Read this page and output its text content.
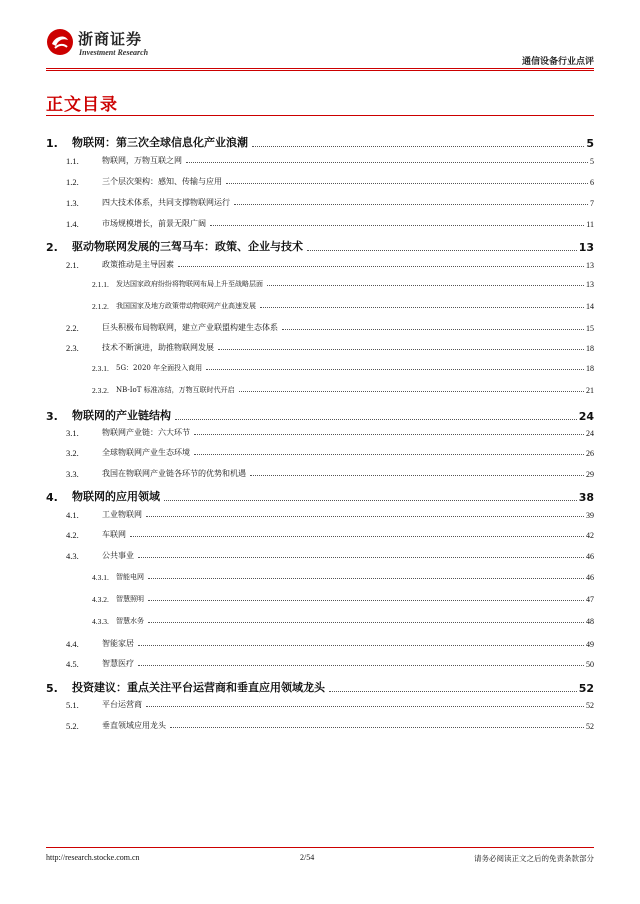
浙商证券
Investment Research
通信设备行业点评
正文目录
1.	物联网：第三次全球信息化产业浪潮	5
1.1.	物联网，万物互联之网	5
1.2.	三个层次架构：感知、传输与应用	6
1.3.	四大技术体系，共同支撑物联网运行	7
1.4.	市场规模增长，前景无限广阔	11
2.	驱动物联网发展的三驾马车：政策、企业与技术	13
2.1.	政策推动是主导因素	13
2.1.1.	发达国家政府纷纷将物联网布局上升至战略层面	13
2.1.2.	我国国家及地方政策带动物联网产业高速发展	14
2.2.	巨头积极布局物联网，建立产业联盟构建生态体系	15
2.3.	技术不断演进，助推物联网发展	18
2.3.1.	5G：2020 年全面投入商用	18
2.3.2.	NB-IoT 标准冻结，万物互联时代开启	21
3.	物联网的产业链结构	24
3.1.	物联网产业链：六大环节	24
3.2.	全球物联网产业生态环境	26
3.3.	我国在物联网产业链各环节的优势和机遇	29
4.	物联网的应用领域	38
4.1.	工业物联网	39
4.2.	车联网	42
4.3.	公共事业	46
4.3.1.	智能电网	46
4.3.2.	智慧照明	47
4.3.3.	智慧水务	48
4.4.	智能家居	49
4.5.	智慧医疗	50
5.	投资建议：重点关注平台运营商和垂直应用领域龙头	52
5.1.	平台运营商	52
5.2.	垂直领域应用龙头	52
http://research.stocke.com.cn	2/54	请务必阅读正文之后的免责条款部分
